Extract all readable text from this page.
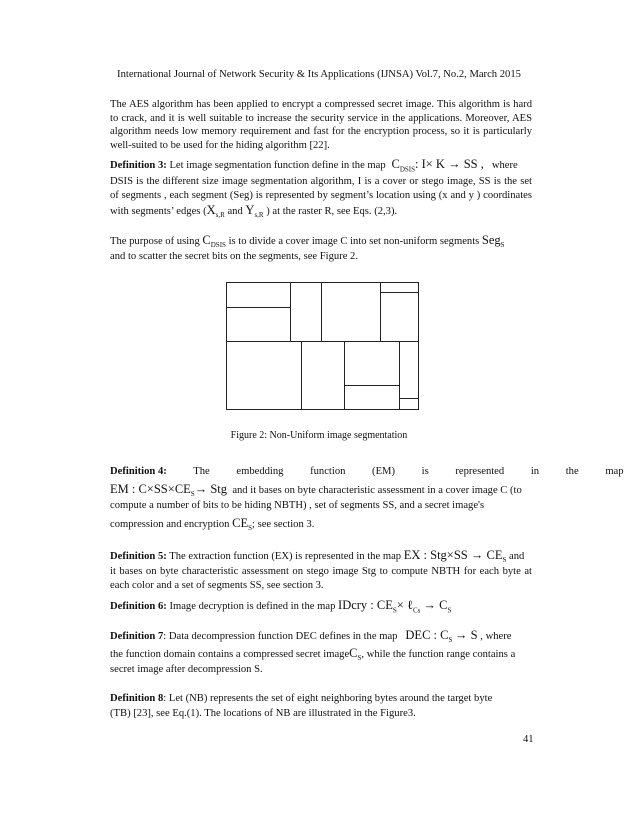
International Journal of Network Security & Its Applications (IJNSA) Vol.7, No.2, March 2015

The AES algorithm has been applied to encrypt a compressed secret image. This algorithm is hard to crack, and it is well suitable to increase the security service in the applications. Moreover, AES algorithm needs low memory requirement and fast for the encryption process, so it is particularly well-suited to be used for the hiding algorithm [22].

Definition 3: Let image segmentation function define in the map $C_{DSIS}$: I× K → SS , where
DSIS is the different size image segmentation algorithm, I is a cover or stego image, SS is the set of segments , each segment (Seg) is represented by segment’s location using (x and y ) coordinates with segments’ edges ($X_{s,R}$ and $Y_{s,R}$ ) at the raster R, see Eqs. (2,3).
The purpose of using $C_{DSIS}$ is to divide a cover image C into set non-uniform segments Seg$_S$
and to scatter the secret bits on the segments, see Figure 2.
Figure 2: Non-Uniform image segmentation
Definition 4: The embedding function (EM) is represented in the map
EM : $C\times SS\times CE_S\to$ Stg and it bases on byte characteristic assessment in a cover image C (to
compute a number of bits to be hiding NBTH) , set of segments SS, and a secret image's
compression and encryption $CE_S$; see section 3.
Definition 5: The extraction function (EX) is represented in the map EX : $Stg\times SS \to CE_S$ and
it bases on byte characteristic assessment on stego image Stg to compute NBTH for each byte at each color and a set of segments SS, see section 3.
Definition 6: Image decryption is defined in the map IDcry : $CE_S\times$ ℓ$_{Cs}$ → $C_S$
Definition 7: Data decompression function DEC defines in the map DEC : $C_S \to S$ , where
the function domain contains a compressed secret imageC$_S$, while the function range contains a
secret image after decompression S.
Definition 8: Let (NB) represents the set of eight neighboring bytes around the target byte
(TB) [23], see Eq.(1). The locations of NB are illustrated in the Figure3.
41
